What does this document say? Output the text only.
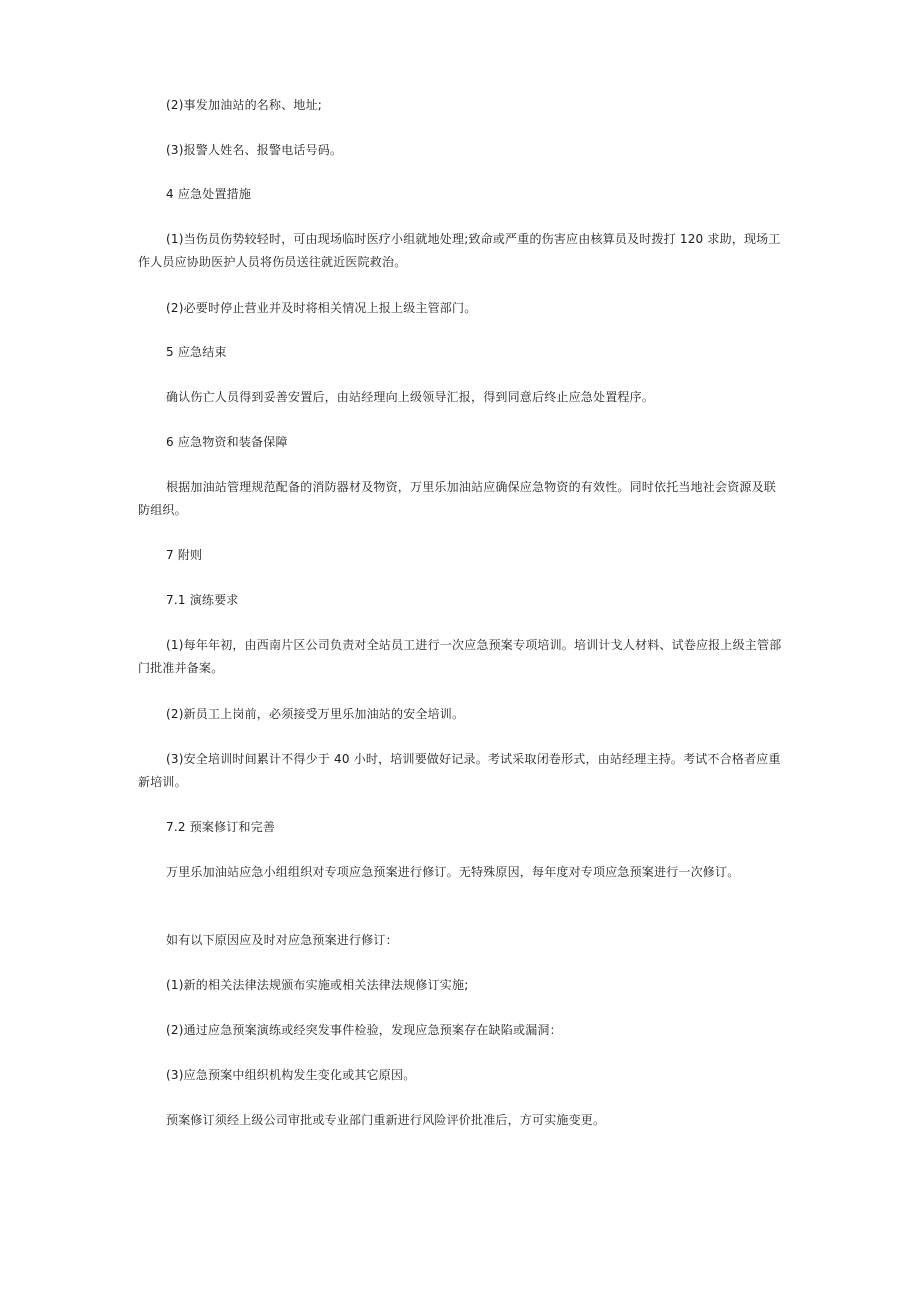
(2)事发加油站的名称、地址;

(3)报警人姓名、报警电话号码。

4 应急处置措施

(1)当伤员伤势较轻时，可由现场临时医疗小组就地处理;致命或严重的伤害应由核算员及时拨打 120 求助，现场工作人员应协助医护人员将伤员送往就近医院救治。

(2)必要时停止营业并及时将相关情况上报上级主管部门。

5 应急结束

确认伤亡人员得到妥善安置后，由站经理向上级领导汇报，得到同意后终止应急处置程序。

6 应急物资和装备保障

根据加油站管理规范配备的消防器材及物资，万里乐加油站应确保应急物资的有效性。同时依托当地社会资源及联防组织。

7 附则

7.1 演练要求

(1)每年年初，由西南片区公司负责对全站员工进行一次应急预案专项培训。培训计戈人材料、试卷应报上级主管部门批准并备案。

(2)新员工上岗前，必须接受万里乐加油站的安全培训。

(3)安全培训时间累计不得少于 40 小时，培训要做好记录。考试采取闭卷形式，由站经理主持。考试不合格者应重新培训。

7.2 预案修订和完善

万里乐加油站应急小组组织对专项应急预案进行修订。无特殊原因，每年度对专项应急预案进行一次修订。

如有以下原因应及时对应急预案进行修订：

(1)新的相关法律法规颁布实施或相关法律法规修订实施;

(2)通过应急预案演练或经突发事件检验，发现应急预案存在缺陷或漏洞：

(3)应急预案中组织机构发生变化或其它原因。

预案修订须经上级公司审批或专业部门重新进行风险评价批准后，方可实施变更。
